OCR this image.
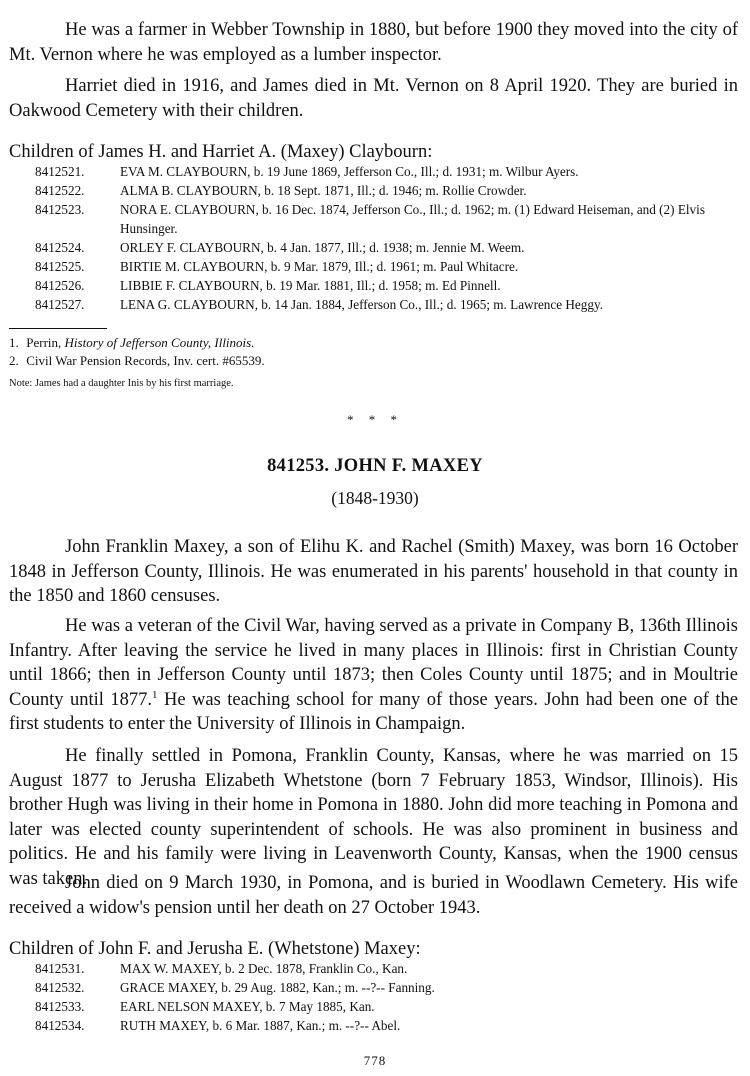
He was a farmer in Webber Township in 1880, but before 1900 they moved into the city of Mt. Vernon where he was employed as a lumber inspector.

Harriet died in 1916, and James died in Mt. Vernon on 8 April 1920. They are buried in Oakwood Cemetery with their children.

Children of James H. and Harriet A. (Maxey) Claybourn:

8412521.	EVA M. CLAYBOURN, b. 19 June 1869, Jefferson Co., Ill.; d. 1931; m. Wilbur Ayers.
8412522.	ALMA B. CLAYBOURN, b. 18 Sept. 1871, Ill.; d. 1946; m. Rollie Crowder.
8412523.	NORA E. CLAYBOURN, b. 16 Dec. 1874, Jefferson Co., Ill.; d. 1962; m. (1) Edward Heiseman, and (2) Elvis Hunsinger.
8412524.	ORLEY F. CLAYBOURN, b. 4 Jan. 1877, Ill.; d. 1938; m. Jennie M. Weem.
8412525.	BIRTIE M. CLAYBOURN, b. 9 Mar. 1879, Ill.; d. 1961; m. Paul Whitacre.
8412526.	LIBBIE F. CLAYBOURN, b. 19 Mar. 1881, Ill.; d. 1958; m. Ed Pinnell.
8412527.	LENA G. CLAYBOURN, b. 14 Jan. 1884, Jefferson Co., Ill.; d. 1965; m. Lawrence Heggy.
1. Perrin, History of Jefferson County, Illinois.
2. Civil War Pension Records, Inv. cert. #65539.
Note: James had a daughter Inis by his first marriage.
* * *
841253. JOHN F. MAXEY
(1848-1930)

John Franklin Maxey, a son of Elihu K. and Rachel (Smith) Maxey, was born 16 October 1848 in Jefferson County, Illinois. He was enumerated in his parents' household in that county in the 1850 and 1860 censuses.

He was a veteran of the Civil War, having served as a private in Company B, 136th Illinois Infantry. After leaving the service he lived in many places in Illinois: first in Christian County until 1866; then in Jefferson County until 1873; then Coles County until 1875; and in Moultrie County until 1877.$^1$ He was teaching school for many of those years. John had been one of the first students to enter the University of Illinois in Champaign.

He finally settled in Pomona, Franklin County, Kansas, where he was married on 15 August 1877 to Jerusha Elizabeth Whetstone (born 7 February 1853, Windsor, Illinois). His brother Hugh was living in their home in Pomona in 1880. John did more teaching in Pomona and later was elected county superintendent of schools. He was also prominent in business and politics. He and his family were living in Leavenworth County, Kansas, when the 1900 census was taken.

John died on 9 March 1930, in Pomona, and is buried in Woodlawn Cemetery. His wife received a widow's pension until her death on 27 October 1943.

Children of John F. and Jerusha E. (Whetstone) Maxey:

8412531.	MAX W. MAXEY, b. 2 Dec. 1878, Franklin Co., Kan.
8412532.	GRACE MAXEY, b. 29 Aug. 1882, Kan.; m. --?-- Fanning.
8412533.	EARL NELSON MAXEY, b. 7 May 1885, Kan.
8412534.	RUTH MAXEY, b. 6 Mar. 1887, Kan.; m. --?-- Abel.
778
